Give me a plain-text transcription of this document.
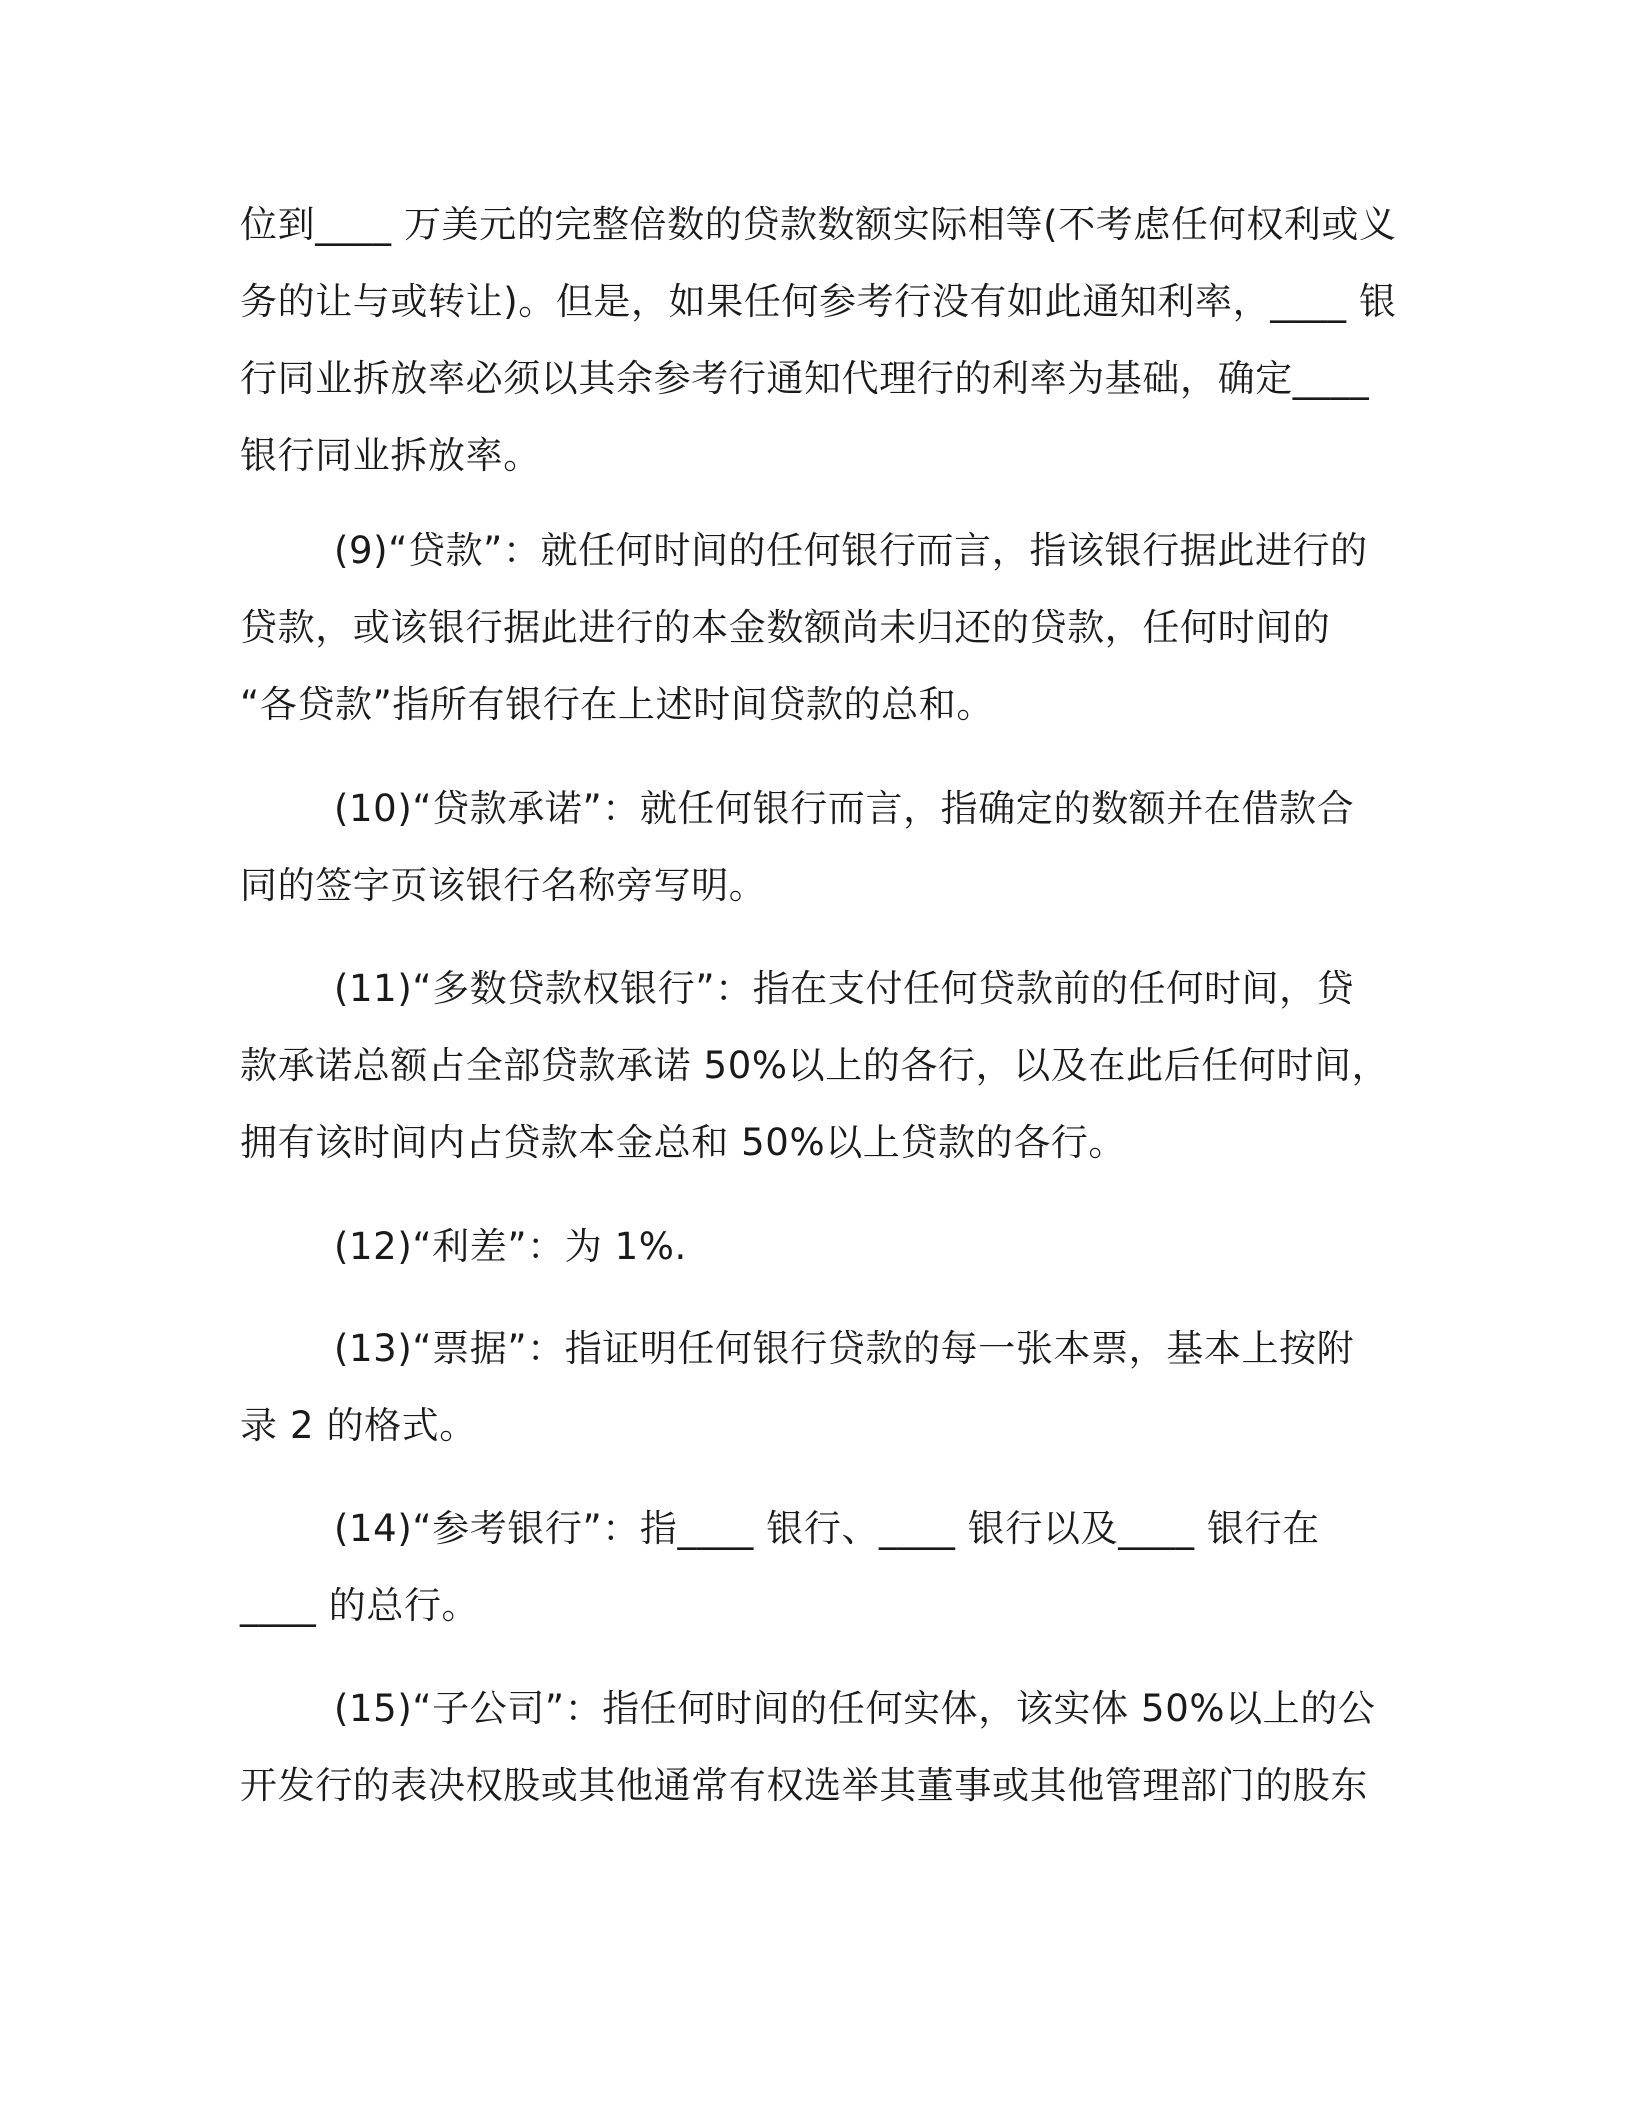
位到____ 万美元的完整倍数的贷款数额实际相等(不考虑任何权利或义
务的让与或转让)。但是，如果任何参考行没有如此通知利率，____ 银
行同业拆放率必须以其余参考行通知代理行的利率为基础，确定____
银行同业拆放率。

(9)“贷款”：就任何时间的任何银行而言，指该银行据此进行的
贷款，或该银行据此进行的本金数额尚未归还的贷款，任何时间的
“各贷款”指所有银行在上述时间贷款的总和。

(10)“贷款承诺”：就任何银行而言，指确定的数额并在借款合
同的签字页该银行名称旁写明。

(11)“多数贷款权银行”：指在支付任何贷款前的任何时间，贷
款承诺总额占全部贷款承诺 50%以上的各行，以及在此后任何时间，
拥有该时间内占贷款本金总和 50%以上贷款的各行。

(12)“利差”：为 1%.

(13)“票据”：指证明任何银行贷款的每一张本票，基本上按附
录 2 的格式。

(14)“参考银行”：指____ 银行、____ 银行以及____ 银行在
____ 的总行。

(15)“子公司”：指任何时间的任何实体，该实体 50%以上的公
开发行的表决权股或其他通常有权选举其董事或其他管理部门的股东
